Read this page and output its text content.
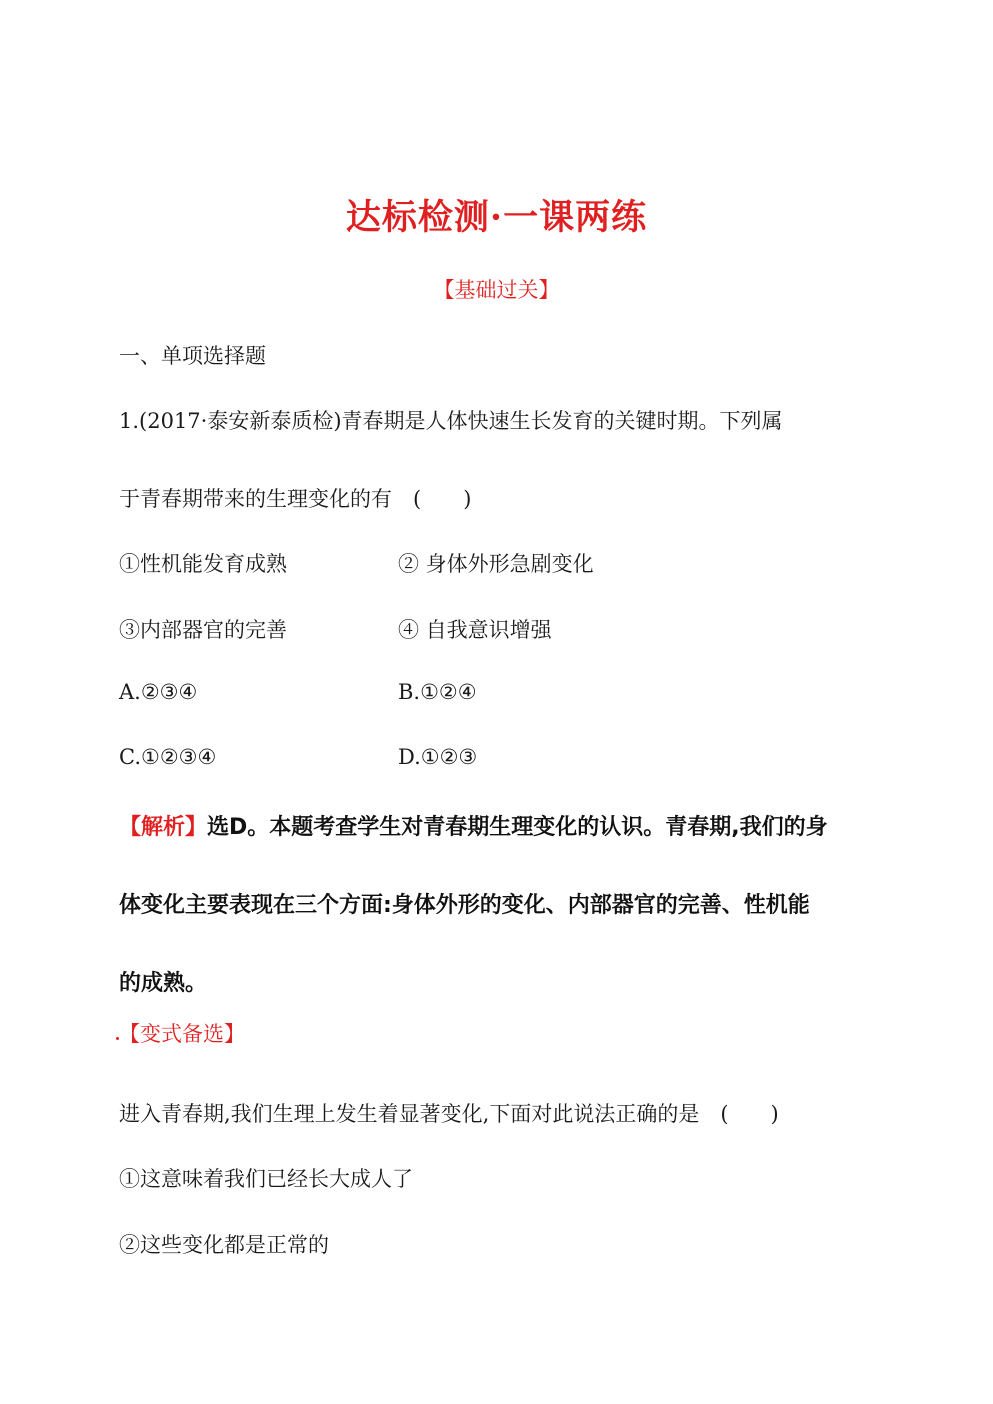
达标检测·一课两练
【基础过关】
一、单项选择题
1.(2017·泰安新泰质检)青春期是人体快速生长发育的关键时期。下列属
于青春期带来的生理变化的有　(　　)
①性机能发育成熟	② 身体外形急剧变化
③内部器官的完善	④ 自我意识增强
A.②③④	B.①②④
C.①②③④	D.①②③
【解析】选D。本题考查学生对青春期生理变化的认识。青春期,我们的身
体变化主要表现在三个方面:身体外形的变化、内部器官的完善、性机能
的成熟。
【变式备选】
进入青春期,我们生理上发生着显著变化,下面对此说法正确的是　(　　)
①这意味着我们已经长大成人了
②这些变化都是正常的
